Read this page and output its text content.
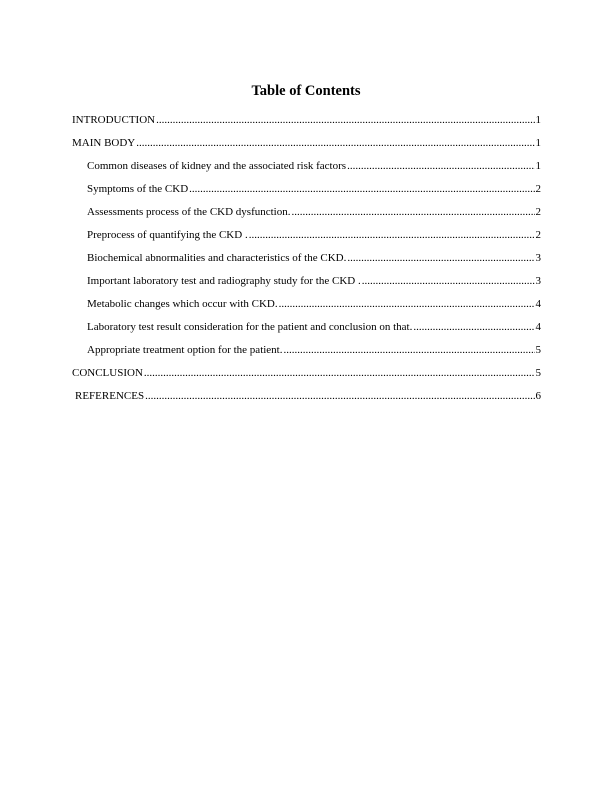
Table of Contents
INTRODUCTION .....	1
MAIN BODY .....	1
Common diseases of kidney and the associated risk factors .....	1
Symptoms of the CKD .....	2
Assessments process of the CKD dysfunction. .....	2
Preprocess of quantifying the CKD . .....	2
Biochemical abnormalities and characteristics of the CKD. .....	3
Important laboratory test and radiography study for the CKD . .....	3
Metabolic changes which occur with CKD. .....	4
Laboratory test result consideration for the patient and conclusion on that. .....	4
Appropriate treatment option for the patient. .....	5
CONCLUSION .....	5
REFERENCES .....	6
